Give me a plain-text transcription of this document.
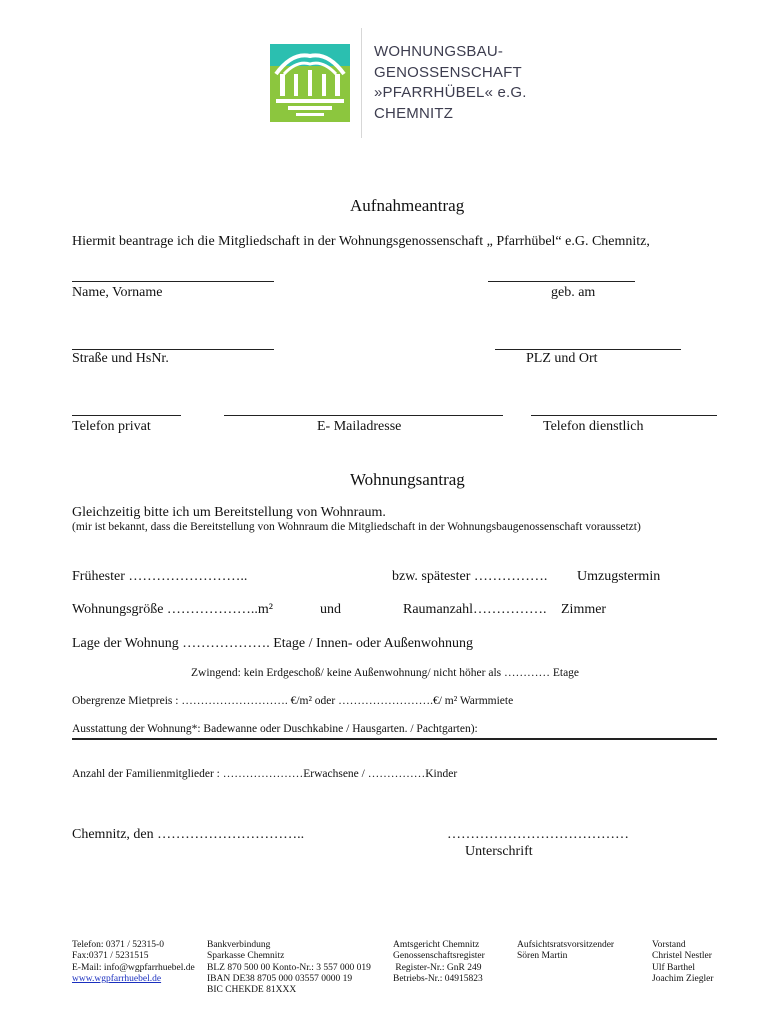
WOHNUNGSBAU-
GENOSSENSCHAFT
»PFARRHÜBEL« e.G.
CHEMNITZ
Aufnahmeantrag
Hiermit beantrage ich die Mitgliedschaft in der Wohnungsgenossenschaft „ Pfarrhübel“ e.G. Chemnitz,
Name, Vorname	geb. am
Straße und HsNr.	PLZ und Ort
Telefon privat	E- Mailadresse	Telefon dienstlich
Wohnungsantrag
Gleichzeitig bitte ich um Bereitstellung von Wohnraum.
(mir ist bekannt, dass die Bereitstellung von Wohnraum die Mitgliedschaft in der Wohnungsbaugenossenschaft voraussetzt)
Frühester ……………………..	bzw. spätester ……………. Umzugstermin
Wohnungsgröße ………………..m²	und	Raumanzahl……………. Zimmer
Lage der Wohnung ………………. Etage / Innen- oder Außenwohnung
Zwingend: kein Erdgeschoß/ keine Außenwohnung/ nicht höher als ………… Etage
Obergrenze Mietpreis : ………………………. €/m² oder …………………….€/ m² Warmmiete
Ausstattung der Wohnung*: Badewanne oder Duschkabine / Hausgarten. / Pachtgarten):
Anzahl der Familienmitglieder : …………………Erwachsene / ……………Kinder
Chemnitz, den …………………………..	…………………………………
Unterschrift
Telefon: 0371 / 52315-0
Fax:0371 / 5231515
E-Mail: info@wgpfarrhuebel.de
www.wgpfarrhuebel.de
Bankverbindung
Sparkasse Chemnitz
BLZ 870 500 00 Konto-Nr.: 3 557 000 019
IBAN DE38 8705 000 03557 0000 19
BIC CHEKDE 81XXX
Amtsgericht Chemnitz
Genossenschaftsregister
Register-Nr.: GnR 249
Betriebs-Nr.: 04915823
Aufsichtsratsvorsitzender
Sören Martin
Vorstand
Christel Nestler
Ulf Barthel
Joachim Ziegler
